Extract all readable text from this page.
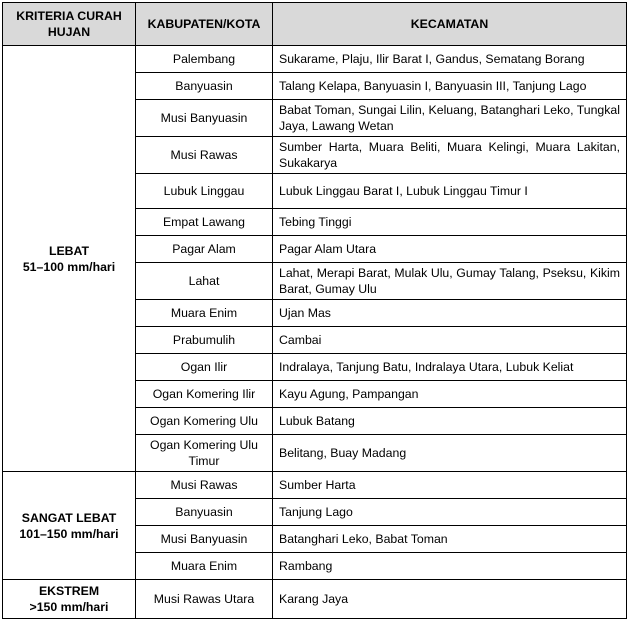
KRITERIA CURAH HUJAN	KABUPATEN/KOTA	KECAMATAN

LEBAT
51–100 mm/hari	Palembang	Sukarame, Plaju, Ilir Barat I, Gandus, Sematang Borang
	Banyuasin	Talang Kelapa, Banyuasin I, Banyuasin III, Tanjung Lago
	Musi Banyuasin	Babat Toman, Sungai Lilin, Keluang, Batanghari Leko, Tungkal Jaya, Lawang Wetan
	Musi Rawas	Sumber Harta, Muara Beliti, Muara Kelingi, Muara Lakitan, Sukakarya
	Lubuk Linggau	Lubuk Linggau Barat I, Lubuk Linggau Timur I
	Empat Lawang	Tebing Tinggi
	Pagar Alam	Pagar Alam Utara
	Lahat	Lahat, Merapi Barat, Mulak Ulu, Gumay Talang, Pseksu, Kikim Barat, Gumay Ulu
	Muara Enim	Ujan Mas
	Prabumulih	Cambai
	Ogan Ilir	Indralaya, Tanjung Batu, Indralaya Utara, Lubuk Keliat
	Ogan Komering Ilir	Kayu Agung, Pampangan
	Ogan Komering Ulu	Lubuk Batang
	Ogan Komering Ulu Timur	Belitang, Buay Madang

SANGAT LEBAT
101–150 mm/hari	Musi Rawas	Sumber Harta
	Banyuasin	Tanjung Lago
	Musi Banyuasin	Batanghari Leko, Babat Toman
	Muara Enim	Rambang

EKSTREM
>150 mm/hari	Musi Rawas Utara	Karang Jaya
